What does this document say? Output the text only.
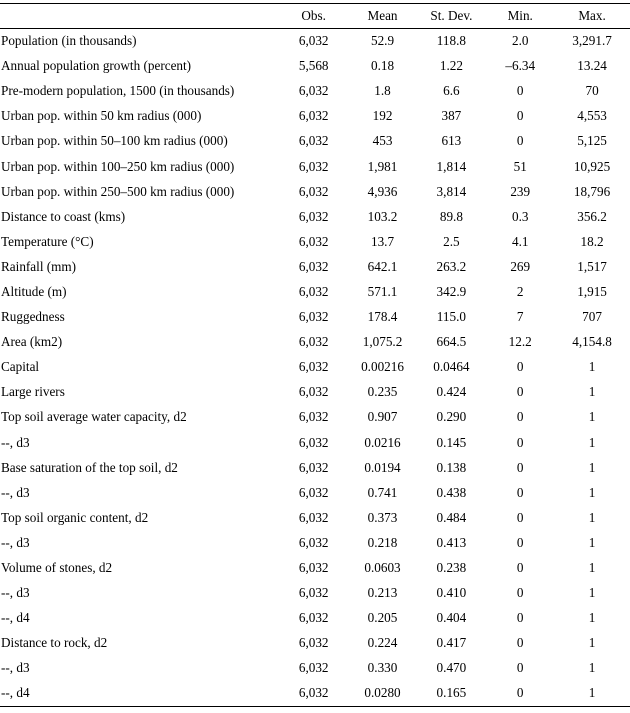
	Obs.	Mean	St. Dev.	Min.	Max.
Population (in thousands)	6,032	52.9	118.8	2.0	3,291.7
Annual population growth (percent)	5,568	0.18	1.22	–6.34	13.24
Pre-modern population, 1500 (in thousands)	6,032	1.8	6.6	0	70
Urban pop. within 50 km radius (000)	6,032	192	387	0	4,553
Urban pop. within 50–100 km radius (000)	6,032	453	613	0	5,125
Urban pop. within 100–250 km radius (000)	6,032	1,981	1,814	51	10,925
Urban pop. within 250–500 km radius (000)	6,032	4,936	3,814	239	18,796
Distance to coast (kms)	6,032	103.2	89.8	0.3	356.2
Temperature (°C)	6,032	13.7	2.5	4.1	18.2
Rainfall (mm)	6,032	642.1	263.2	269	1,517
Altitude (m)	6,032	571.1	342.9	2	1,915
Ruggedness	6,032	178.4	115.0	7	707
Area (km2)	6,032	1,075.2	664.5	12.2	4,154.8
Capital	6,032	0.00216	0.0464	0	1
Large rivers	6,032	0.235	0.424	0	1
Top soil average water capacity, d2	6,032	0.907	0.290	0	1
--, d3	6,032	0.0216	0.145	0	1
Base saturation of the top soil, d2	6,032	0.0194	0.138	0	1
--, d3	6,032	0.741	0.438	0	1
Top soil organic content, d2	6,032	0.373	0.484	0	1
--, d3	6,032	0.218	0.413	0	1
Volume of stones, d2	6,032	0.0603	0.238	0	1
--, d3	6,032	0.213	0.410	0	1
--, d4	6,032	0.205	0.404	0	1
Distance to rock, d2	6,032	0.224	0.417	0	1
--, d3	6,032	0.330	0.470	0	1
--, d4	6,032	0.0280	0.165	0	1
